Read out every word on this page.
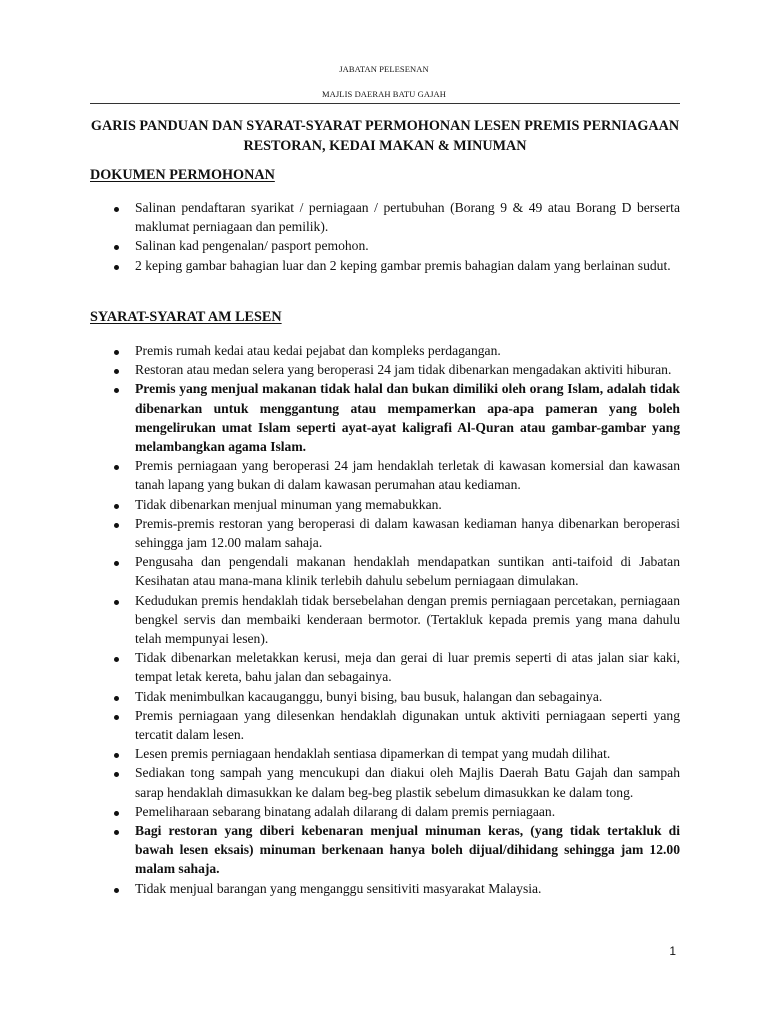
JABATAN PELESENAN
MAJLIS DAERAH BATU GAJAH
GARIS PANDUAN DAN SYARAT-SYARAT PERMOHONAN LESEN PREMIS PERNIAGAAN
RESTORAN, KEDAI MAKAN & MINUMAN
DOKUMEN PERMOHONAN
Salinan pendaftaran syarikat / perniagaan / pertubuhan (Borang 9 & 49 atau Borang D berserta maklumat perniagaan dan pemilik).
Salinan kad pengenalan/ pasport pemohon.
2 keping gambar bahagian luar dan 2 keping gambar premis bahagian dalam yang berlainan sudut.
SYARAT-SYARAT AM LESEN
Premis rumah kedai atau kedai pejabat dan kompleks perdagangan.
Restoran atau medan selera yang beroperasi 24 jam tidak dibenarkan mengadakan aktiviti hiburan.
Premis yang menjual makanan tidak halal dan bukan dimiliki oleh orang Islam, adalah tidak dibenarkan untuk menggantung atau mempamerkan apa-apa pameran yang boleh mengelirukan umat Islam seperti ayat-ayat kaligrafi Al-Quran atau gambar-gambar yang melambangkan agama Islam.
Premis perniagaan yang beroperasi 24 jam hendaklah terletak di kawasan komersial dan kawasan tanah lapang yang bukan di dalam kawasan perumahan atau kediaman.
Tidak dibenarkan menjual minuman yang memabukkan.
Premis-premis restoran yang beroperasi di dalam kawasan kediaman hanya dibenarkan beroperasi sehingga jam 12.00 malam sahaja.
Pengusaha dan pengendali makanan hendaklah mendapatkan suntikan anti-taifoid di Jabatan Kesihatan atau mana-mana klinik terlebih dahulu sebelum perniagaan dimulakan.
Kedudukan premis hendaklah tidak bersebelahan dengan premis perniagaan percetakan, perniagaan bengkel servis dan membaiki kenderaan bermotor. (Tertakluk kepada premis yang mana dahulu telah mempunyai lesen).
Tidak dibenarkan meletakkan kerusi, meja dan gerai di luar premis seperti di atas jalan siar kaki, tempat letak kereta, bahu jalan dan sebagainya.
Tidak menimbulkan kacauganggu, bunyi bising, bau busuk, halangan dan sebagainya.
Premis perniagaan yang dilesenkan hendaklah digunakan untuk aktiviti perniagaan seperti yang tercatit dalam lesen.
Lesen premis perniagaan hendaklah sentiasa dipamerkan di tempat yang mudah dilihat.
Sediakan tong sampah yang mencukupi dan diakui oleh Majlis Daerah Batu Gajah dan sampah sarap hendaklah dimasukkan ke dalam beg-beg plastik sebelum dimasukkan ke dalam tong.
Pemeliharaan sebarang binatang adalah dilarang di dalam premis perniagaan.
Bagi restoran yang diberi kebenaran menjual minuman keras, (yang tidak tertakluk di bawah lesen eksais) minuman berkenaan hanya boleh dijual/dihidang sehingga jam 12.00 malam sahaja.
Tidak menjual barangan yang menganggu sensitiviti masyarakat Malaysia.
1
